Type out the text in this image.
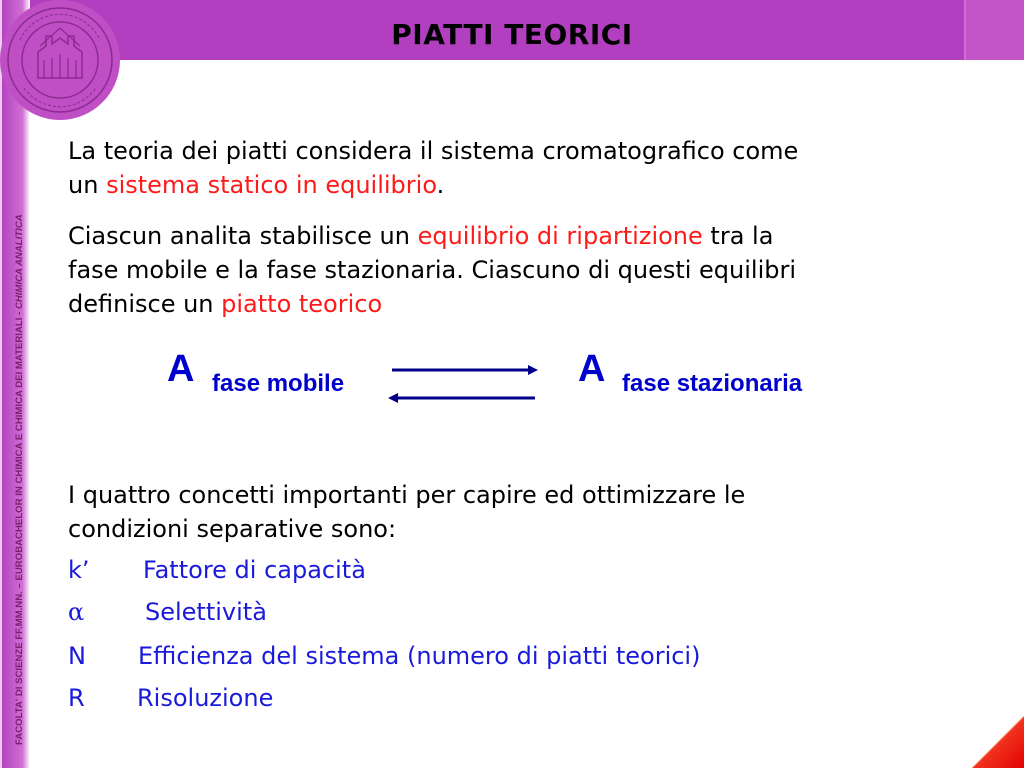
FACOLTA' DI SCIENZE FF.MM.NN. – EUROBACHELOR IN CHIMICA E CHIMICA DEI MATERIALI - CHIMICA ANALITICA
PIATTI TEORICI
La teoria dei piatti considera il sistema cromatografico come
un sistema statico in equilibrio.
Ciascun analita stabilisce un equilibrio di ripartizione tra la
fase mobile e la fase stazionaria. Ciascuno di questi equilibri
definisce un piatto teorico
A fase mobile	A fase stazionaria
I quattro concetti importanti per capire ed ottimizzare le
condizioni separative sono:
k’ Fattore di capacità
α	Selettività
N Efficienza del sistema (numero di piatti teorici)
R Risoluzione
